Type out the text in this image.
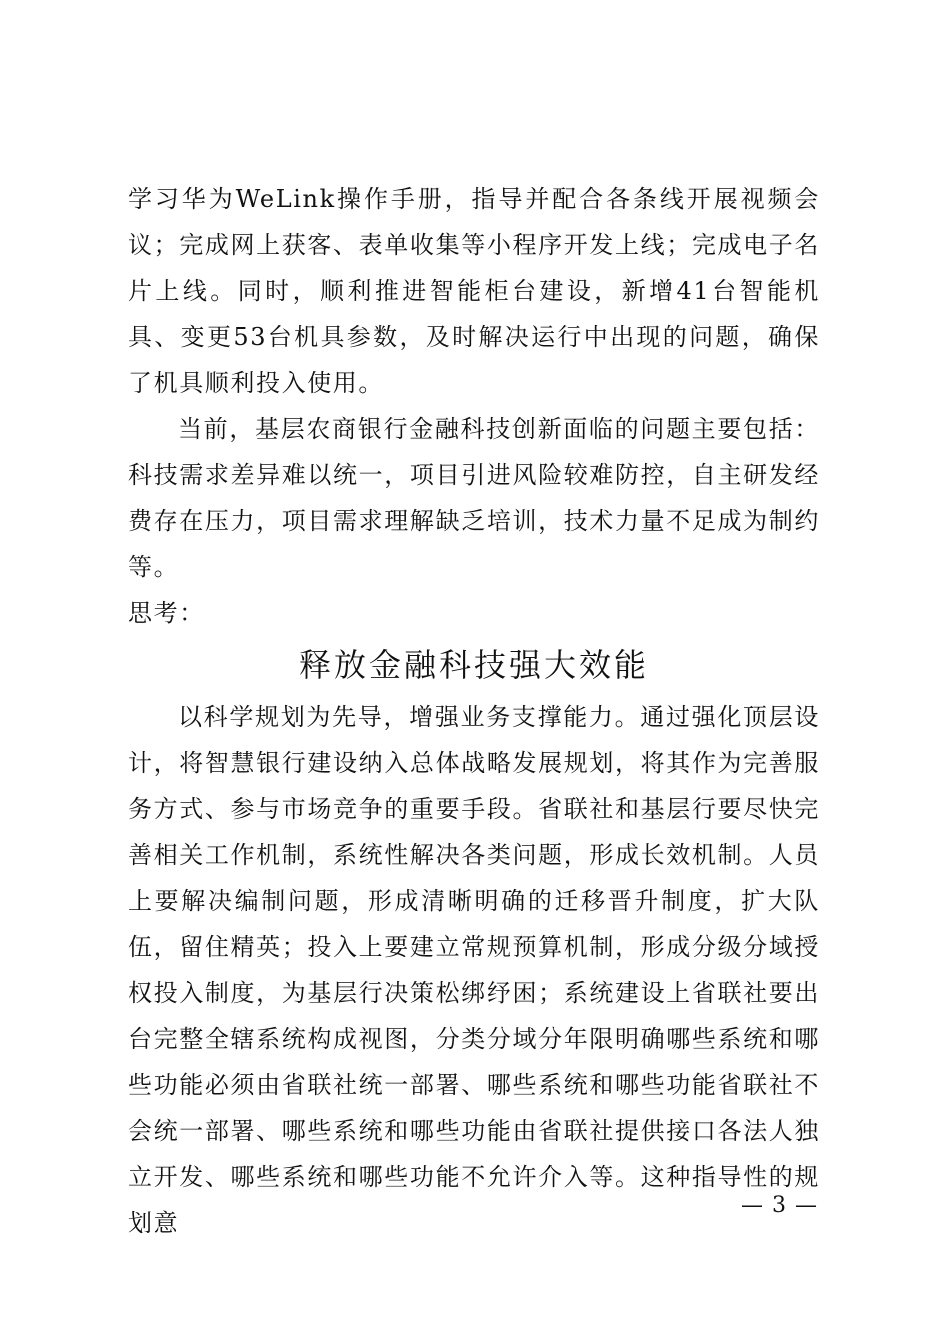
学习华为WeLink操作手册，指导并配合各条线开展视频会议；完成网上获客、表单收集等小程序开发上线；完成电子名片上线。同时，顺利推进智能柜台建设，新增41台智能机具、变更53台机具参数，及时解决运行中出现的问题，确保了机具顺利投入使用。

当前，基层农商银行金融科技创新面临的问题主要包括：科技需求差异难以统一，项目引进风险较难防控，自主研发经费存在压力，项目需求理解缺乏培训，技术力量不足成为制约等。

思考：

释放金融科技强大效能

以科学规划为先导，增强业务支撑能力。通过强化顶层设计，将智慧银行建设纳入总体战略发展规划，将其作为完善服务方式、参与市场竞争的重要手段。省联社和基层行要尽快完善相关工作机制，系统性解决各类问题，形成长效机制。人员上要解决编制问题，形成清晰明确的迁移晋升制度，扩大队伍，留住精英；投入上要建立常规预算机制，形成分级分域授权投入制度，为基层行决策松绑纾困；系统建设上省联社要出台完整全辖系统构成视图，分类分域分年限明确哪些系统和哪些功能必须由省联社统一部署、哪些系统和哪些功能省联社不会统一部署、哪些系统和哪些功能由省联社提供接口各法人独立开发、哪些系统和哪些功能不允许介入等。这种指导性的规划意

— 3 —
